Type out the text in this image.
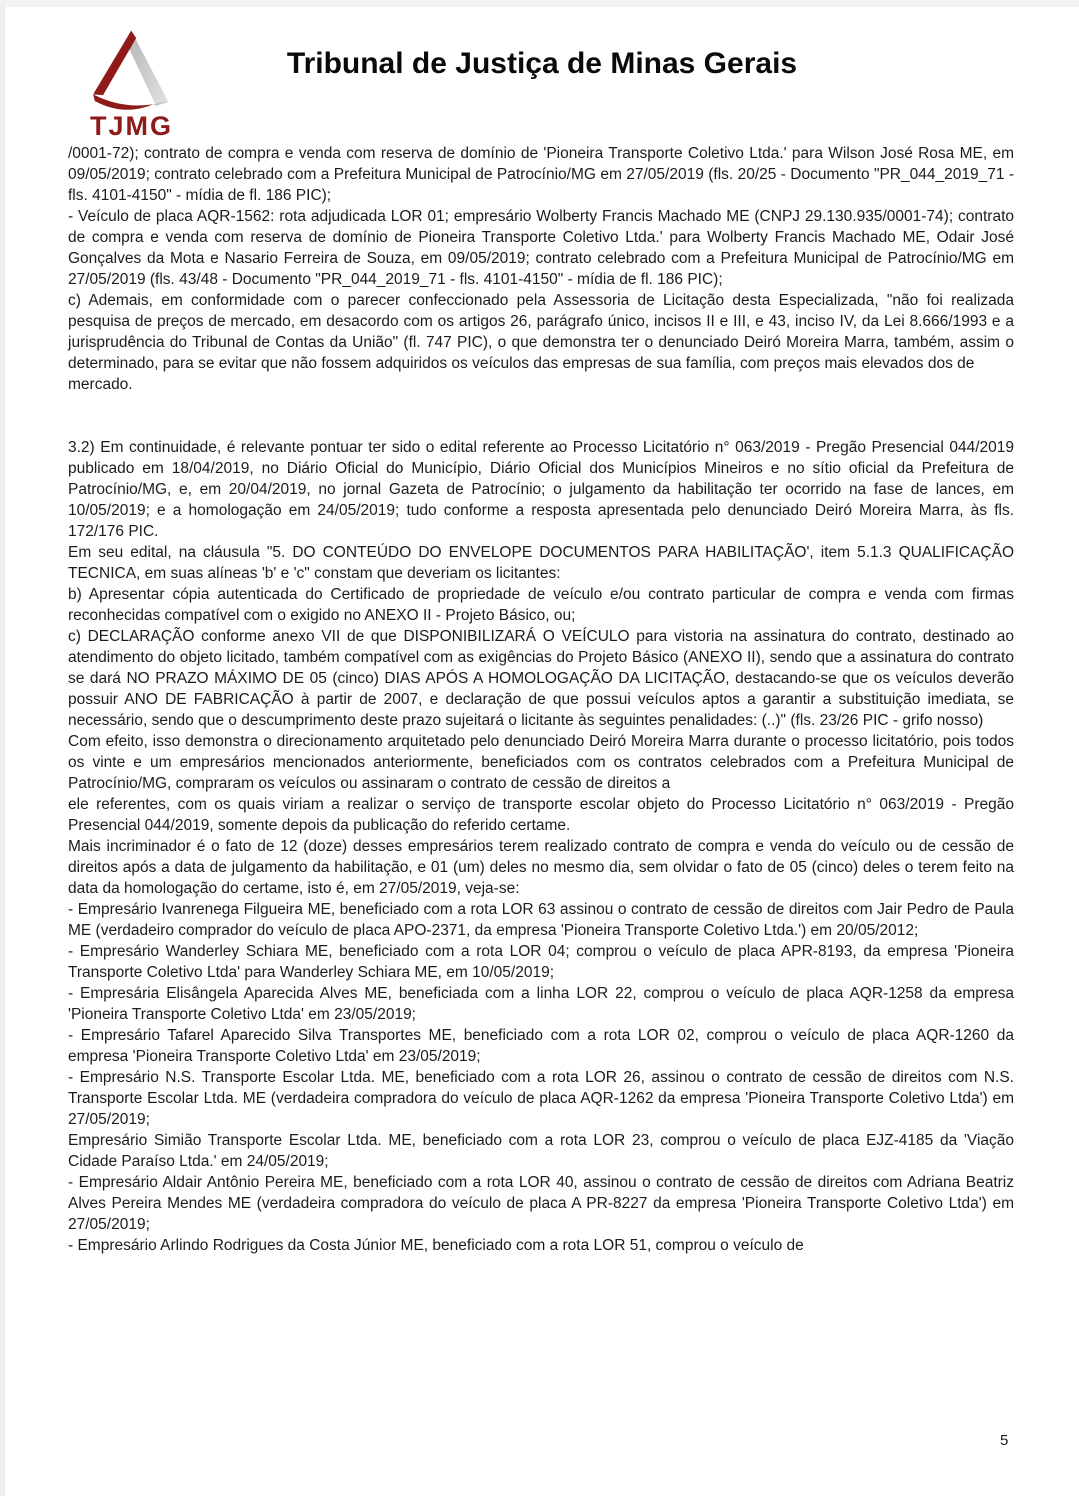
TJMG
Tribunal de Justiça de Minas Gerais

/0001-72); contrato de compra e venda com reserva de domínio de 'Pioneira Transporte Coletivo Ltda.' para Wilson José Rosa ME, em 09/05/2019; contrato celebrado com a Prefeitura Municipal de Patrocínio/MG em 27/05/2019 (fls. 20/25 - Documento "PR_044_2019_71 - fls. 4101-4150" - mídia de fl. 186 PIC);

- Veículo de placa AQR-1562: rota adjudicada LOR 01; empresário Wolberty Francis Machado ME (CNPJ 29.130.935/0001-74); contrato de compra e venda com reserva de domínio de Pioneira Transporte Coletivo Ltda.' para Wolberty Francis Machado ME, Odair José Gonçalves da Mota e Nasario Ferreira de Souza, em 09/05/2019; contrato celebrado com a Prefeitura Municipal de Patrocínio/MG em 27/05/2019 (fls. 43/48 - Documento "PR_044_2019_71 - fls. 4101-4150" - mídia de fl. 186 PIC);

c) Ademais, em conformidade com o parecer confeccionado pela Assessoria de Licitação desta Especializada, "não foi realizada pesquisa de preços de mercado, em desacordo com os artigos 26, parágrafo único, incisos II e III, e 43, inciso IV, da Lei 8.666/1993 e a jurisprudência do Tribunal de Contas da União" (fl. 747 PIC), o que demonstra ter o denunciado Deiró Moreira Marra, também, assim o determinado, para se evitar que não fossem adquiridos os veículos das empresas de sua família, com preços mais elevados dos de

mercado.

3.2) Em continuidade, é relevante pontuar ter sido o edital referente ao Processo Licitatório n° 063/2019 - Pregão Presencial 044/2019 publicado em 18/04/2019, no Diário Oficial do Município, Diário Oficial dos Municípios Mineiros e no sítio oficial da Prefeitura de Patrocínio/MG, e, em 20/04/2019, no jornal Gazeta de Patrocínio; o julgamento da habilitação ter ocorrido na fase de lances, em 10/05/2019; e a homologação em 24/05/2019; tudo conforme a resposta apresentada pelo denunciado Deiró Moreira Marra, às fls. 172/176 PIC.

Em seu edital, na cláusula "5. DO CONTEÚDO DO ENVELOPE DOCUMENTOS PARA HABILITAÇÃO', item 5.1.3 QUALIFICAÇÃO TECNICA, em suas alíneas 'b' e 'c" constam que deveriam os licitantes:

b) Apresentar cópia autenticada do Certificado de propriedade de veículo e/ou contrato particular de compra e venda com firmas reconhecidas compatível com o exigido no ANEXO II - Projeto Básico, ou;

c) DECLARAÇÃO conforme anexo VII de que DISPONIBILIZARÁ O VEÍCULO para vistoria na assinatura do contrato, destinado ao atendimento do objeto licitado, também compatível com as exigências do Projeto Básico (ANEXO II), sendo que a assinatura do contrato se dará NO PRAZO MÁXIMO DE 05 (cinco) DIAS APÓS A HOMOLOGAÇÃO DA LICITAÇÃO, destacando-se que os veículos deverão possuir ANO DE FABRICAÇÃO à partir de 2007, e declaração de que possui veículos aptos a garantir a substituição imediata, se necessário, sendo que o descumprimento deste prazo sujeitará o licitante às seguintes penalidades: (..)" (fls. 23/26 PIC - grifo nosso)

Com efeito, isso demonstra o direcionamento arquitetado pelo denunciado Deiró Moreira Marra durante o processo licitatório, pois todos os vinte e um empresários mencionados anteriormente, beneficiados com os contratos celebrados com a Prefeitura Municipal de Patrocínio/MG, compraram os veículos ou assinaram o contrato de cessão de direitos a

ele referentes, com os quais viriam a realizar o serviço de transporte escolar objeto do Processo Licitatório n° 063/2019 - Pregão Presencial 044/2019, somente depois da publicação do referido certame.

Mais incriminador é o fato de 12 (doze) desses empresários terem realizado contrato de compra e venda do veículo ou de cessão de direitos após a data de julgamento da habilitação, e 01 (um) deles no mesmo dia, sem olvidar o fato de 05 (cinco) deles o terem feito na data da homologação do certame, isto é, em 27/05/2019, veja-se:

- Empresário Ivanrenega Filgueira ME, beneficiado com a rota LOR 63 assinou o contrato de cessão de direitos com Jair Pedro de Paula ME (verdadeiro comprador do veículo de placa APO-2371, da empresa 'Pioneira Transporte Coletivo Ltda.') em 20/05/2012;

- Empresário Wanderley Schiara ME, beneficiado com a rota LOR 04; comprou o veículo de placa APR-8193, da empresa 'Pioneira Transporte Coletivo Ltda' para Wanderley Schiara ME, em 10/05/2019;

- Empresária Elisângela Aparecida Alves ME, beneficiada com a linha LOR 22, comprou o veículo de placa AQR-1258 da empresa 'Pioneira Transporte Coletivo Ltda' em 23/05/2019;

- Empresário Tafarel Aparecido Silva Transportes ME, beneficiado com a rota LOR 02, comprou o veículo de placa AQR-1260 da empresa 'Pioneira Transporte Coletivo Ltda' em 23/05/2019;

- Empresário N.S. Transporte Escolar Ltda. ME, beneficiado com a rota LOR 26, assinou o contrato de cessão de direitos com N.S. Transporte Escolar Ltda. ME (verdadeira compradora do veículo de placa AQR-1262 da empresa 'Pioneira Transporte Coletivo Ltda') em 27/05/2019;

Empresário Simião Transporte Escolar Ltda. ME, beneficiado com a rota LOR 23, comprou o veículo de placa EJZ-4185 da 'Viação Cidade Paraíso Ltda.' em 24/05/2019;

- Empresário Aldair Antônio Pereira ME, beneficiado com a rota LOR 40, assinou o contrato de cessão de direitos com Adriana Beatriz Alves Pereira Mendes ME (verdadeira compradora do veículo de placa A PR-8227 da empresa 'Pioneira Transporte Coletivo Ltda') em 27/05/2019;

- Empresário Arlindo Rodrigues da Costa Júnior ME, beneficiado com a rota LOR 51, comprou o veículo de

5
